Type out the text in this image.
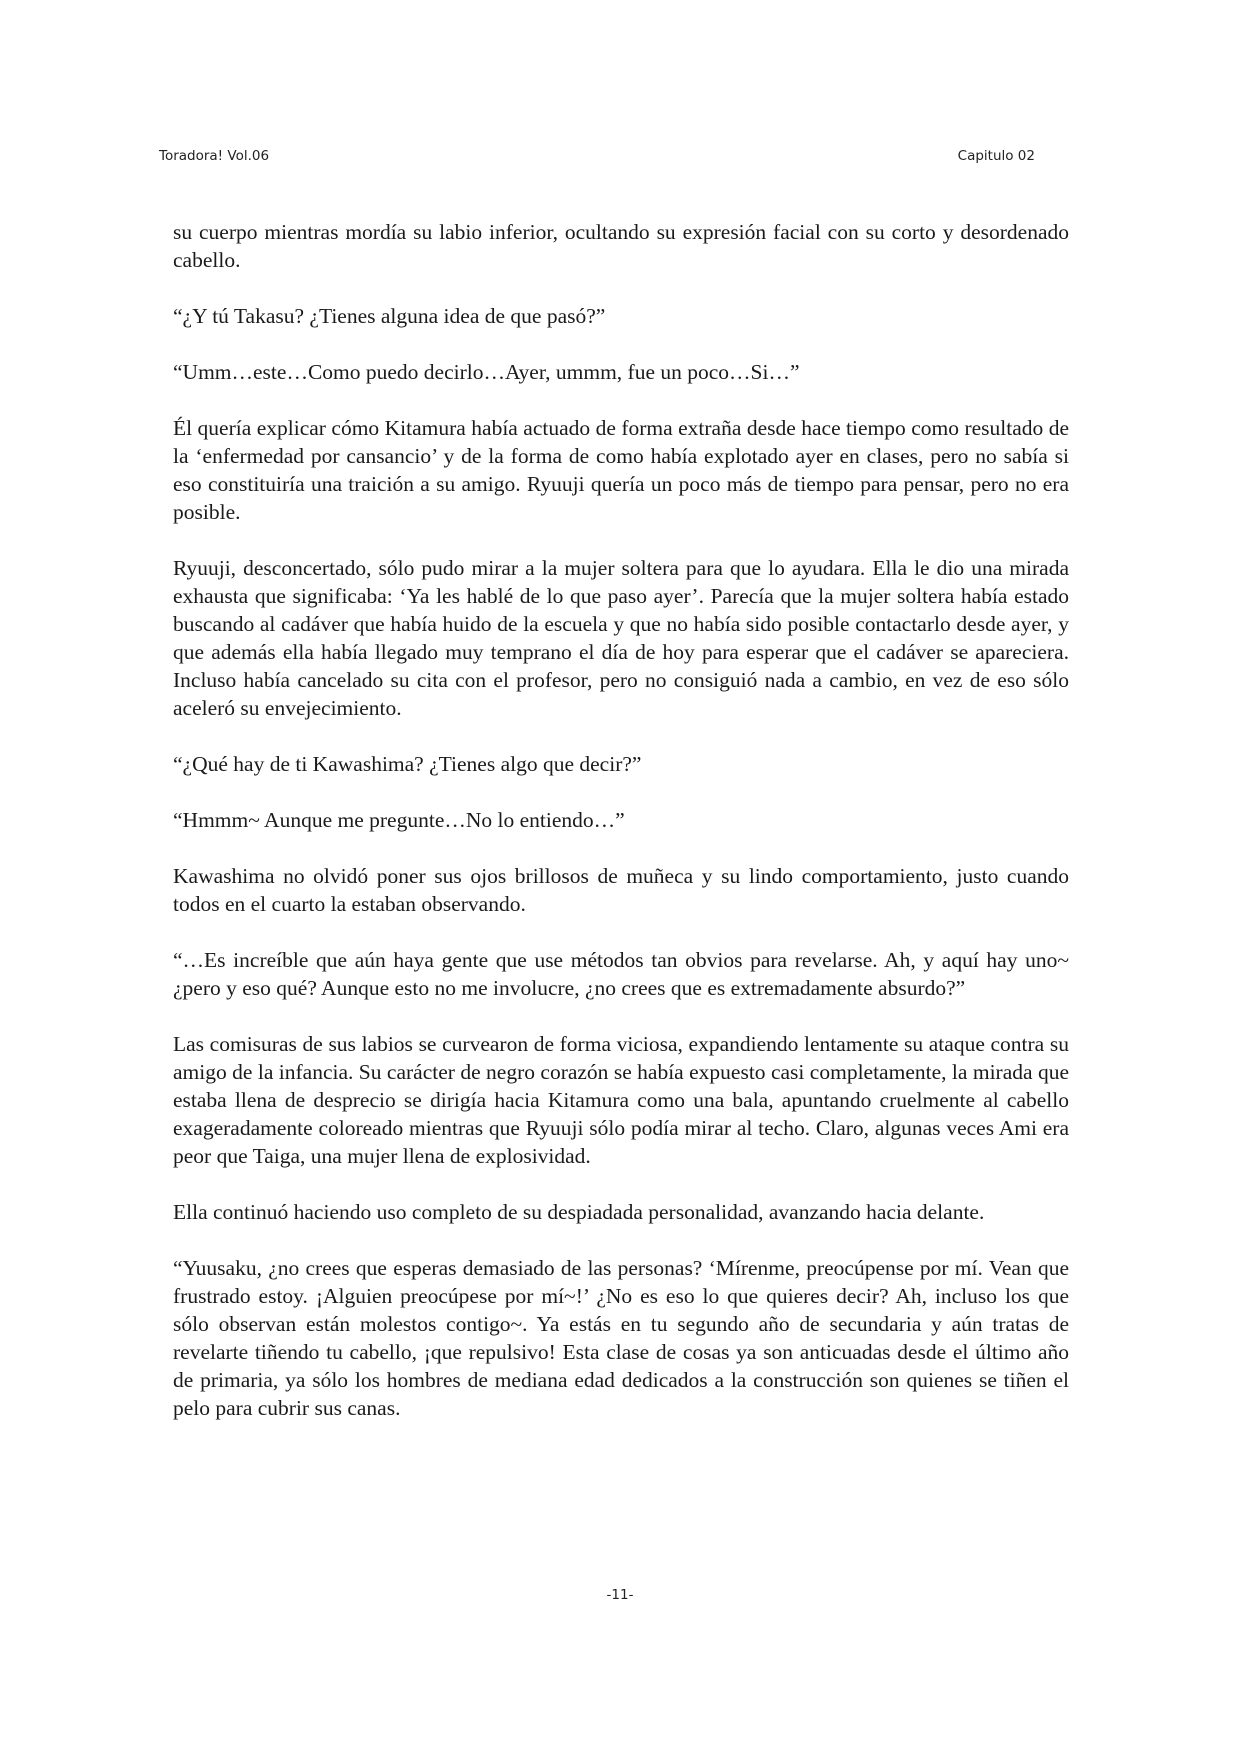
Toradora! Vol.06	Capitulo 02

su cuerpo mientras mordía su labio inferior, ocultando su expresión facial con su corto y desordenado cabello.

“¿Y tú Takasu? ¿Tienes alguna idea de que pasó?”

“Umm…este…Como puedo decirlo…Ayer, ummm, fue un poco…Si…”

Él quería explicar cómo Kitamura había actuado de forma extraña desde hace tiempo como resultado de la ‘enfermedad por cansancio’ y de la forma de como había explotado ayer en clases, pero no sabía si eso constituiría una traición a su amigo. Ryuuji quería un poco más de tiempo para pensar, pero no era posible.

Ryuuji, desconcertado, sólo pudo mirar a la mujer soltera para que lo ayudara. Ella le dio una mirada exhausta que significaba: ‘Ya les hablé de lo que paso ayer’. Parecía que la mujer soltera había estado buscando al cadáver que había huido de la escuela y que no había sido posible contactarlo desde ayer, y que además ella había llegado muy temprano el día de hoy para esperar que el cadáver se apareciera. Incluso había cancelado su cita con el profesor, pero no consiguió nada a cambio, en vez de eso sólo aceleró su envejecimiento.

“¿Qué hay de ti Kawashima? ¿Tienes algo que decir?”

“Hmmm~ Aunque me pregunte…No lo entiendo…”

Kawashima no olvidó poner sus ojos brillosos de muñeca y su lindo comportamiento, justo cuando todos en el cuarto la estaban observando.

“…Es increíble que aún haya gente que use métodos tan obvios para revelarse. Ah, y aquí hay uno~ ¿pero y eso qué? Aunque esto no me involucre, ¿no crees que es extremadamente absurdo?”

Las comisuras de sus labios se curvearon de forma viciosa, expandiendo lentamente su ataque contra su amigo de la infancia. Su carácter de negro corazón se había expuesto casi completamente, la mirada que estaba llena de desprecio se dirigía hacia Kitamura como una bala, apuntando cruelmente al cabello exageradamente coloreado mientras que Ryuuji sólo podía mirar al techo. Claro, algunas veces Ami era peor que Taiga, una mujer llena de explosividad.

Ella continuó haciendo uso completo de su despiadada personalidad, avanzando hacia delante.

“Yuusaku, ¿no crees que esperas demasiado de las personas? ‘Mírenme, preocúpense por mí. Vean que frustrado estoy. ¡Alguien preocúpese por mí~!’ ¿No es eso lo que quieres decir? Ah, incluso los que sólo observan están molestos contigo~. Ya estás en tu segundo año de secundaria y aún tratas de revelarte tiñendo tu cabello, ¡que repulsivo! Esta clase de cosas ya son anticuadas desde el último año de primaria, ya sólo los hombres de mediana edad dedicados a la construcción son quienes se tiñen el pelo para cubrir sus canas.

-11-
